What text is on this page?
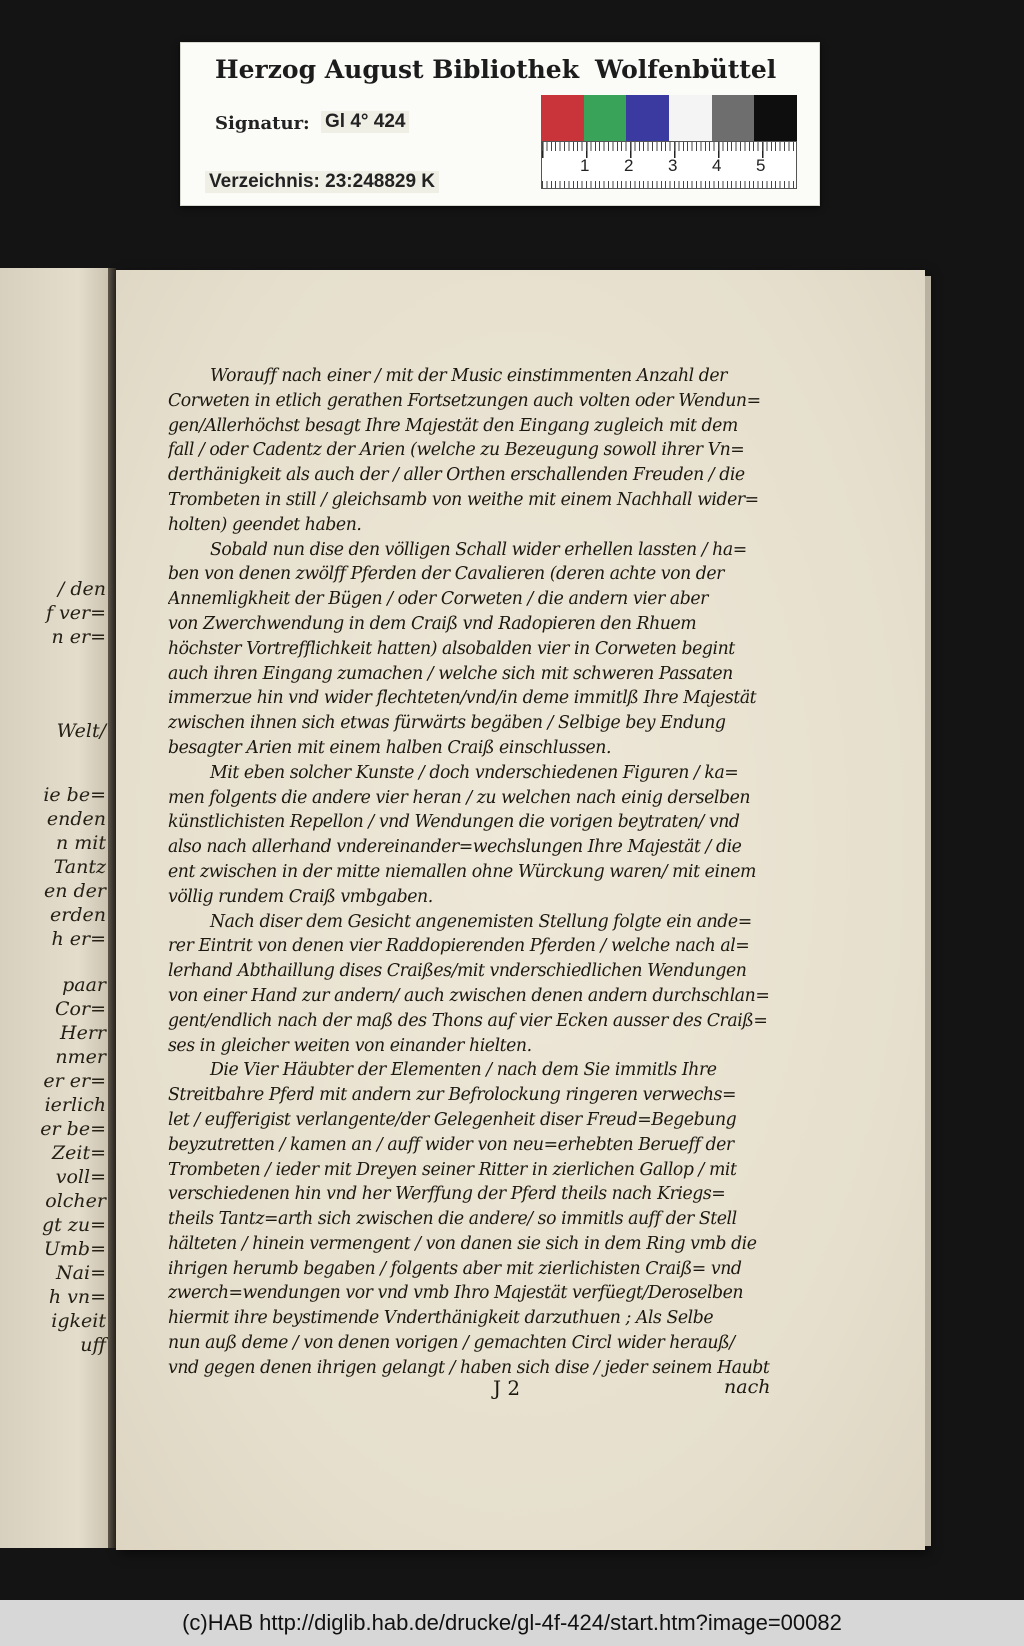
Herzog August Bibliothek Wolfenbüttel
Signatur: Gl 4° 424
Verzeichnis: 23:248829 K
1 2 3 4 5
/ den
f ver=
n er=
Welt/
ie be=
enden
n mit
Tantz
en der
erden
h er=
paar
Cor=
Herr
nmer
er er=
ierlich
er be=
Zeit=
voll=
olcher
gt zu=
Umb=
Nai=
h vn=
igkeit
uff
Worauff nach einer / mit der Music einstimmenten Anzahl der
Corweten in etlich gerathen Fortsetzungen auch volten oder Wendun=
gen/Allerhöchst besagt Ihre Majestät den Eingang zugleich mit dem
fall / oder Cadentz der Arien (welche zu Bezeugung sowoll ihrer Vn=
derthänigkeit als auch der / aller Orthen erschallenden Freuden / die
Trombeten in still / gleichsamb von weithe mit einem Nachhall wider=
holten) geendet haben.
Sobald nun dise den völligen Schall wider erhellen lassten / ha=
ben von denen zwölff Pferden der Cavalieren (deren achte von der
Annemligkheit der Bügen / oder Corweten / die andern vier aber
von Zwerchwendung in dem Craiß vnd Radopieren den Rhuem
höchster Vortrefflichkeit hatten) alsobalden vier in Corweten begint
auch ihren Eingang zumachen / welche sich mit schweren Passaten
immerzue hin vnd wider flechteten/vnd/in deme immitlß Ihre Majestät
zwischen ihnen sich etwas fürwärts begäben / Selbige bey Endung
besagter Arien mit einem halben Craiß einschlussen.
Mit eben solcher Kunste / doch vnderschiedenen Figuren / ka=
men folgents die andere vier heran / zu welchen nach einig derselben
künstlichisten Repellon / vnd Wendungen die vorigen beytraten/ vnd
also nach allerhand vndereinander=wechslungen Ihre Majestät / die
ent zwischen in der mitte niemallen ohne Würckung waren/ mit einem
völlig rundem Craiß vmbgaben.
Nach diser dem Gesicht angenemisten Stellung folgte ein ande=
rer Eintrit von denen vier Raddopierenden Pferden / welche nach al=
lerhand Abthaillung dises Craißes/mit vnderschiedlichen Wendungen
von einer Hand zur andern/ auch zwischen denen andern durchschlan=
gent/endlich nach der maß des Thons auf vier Ecken ausser des Craiß=
ses in gleicher weiten von einander hielten.
Die Vier Häubter der Elementen / nach dem Sie immitls Ihre
Streitbahre Pferd mit andern zur Befrolockung ringeren verwechs=
let / eufferigist verlangente/der Gelegenheit diser Freud=Begebung
beyzutretten / kamen an / auff wider von neu=erhebten Berueff der
Trombeten / ieder mit Dreyen seiner Ritter in zierlichen Gallop / mit
verschiedenen hin vnd her Werffung der Pferd theils nach Kriegs=
theils Tantz=arth sich zwischen die andere/ so immitls auff der Stell
hälteten / hinein vermengent / von danen sie sich in dem Ring vmb die
ihrigen herumb begaben / folgents aber mit zierlichisten Craiß= vnd
zwerch=wendungen vor vnd vmb Ihro Majestät verfüegt/Deroselben
hiermit ihre beystimende Vnderthänigkeit darzuthuen ; Als Selbe
nun auß deme / von denen vorigen / gemachten Circl wider herauß/
vnd gegen denen ihrigen gelangt / haben sich dise / jeder seinem Haubt
J 2	nach
(c)HAB http://diglib.hab.de/drucke/gl-4f-424/start.htm?image=00082
